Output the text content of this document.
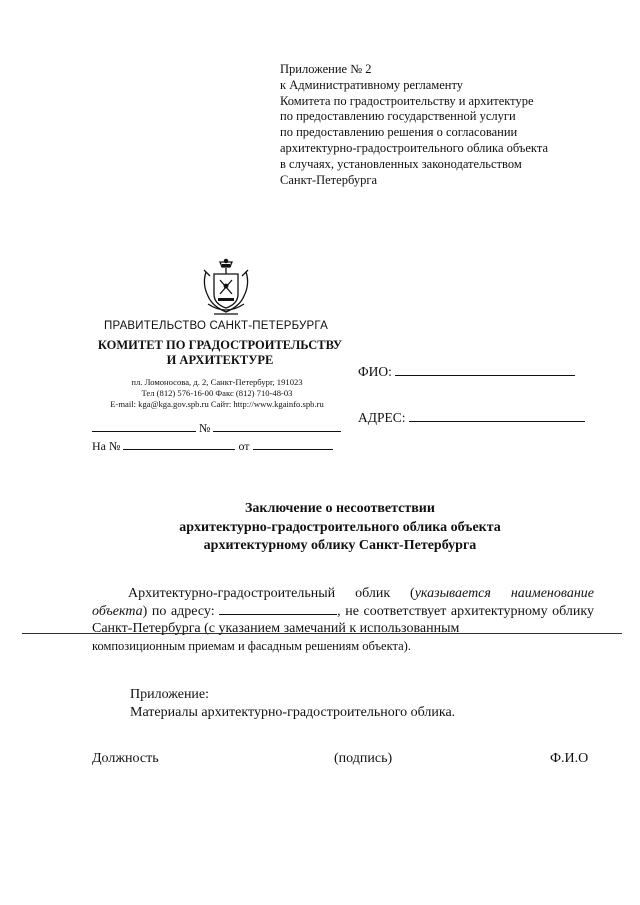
Приложение № 2
к Административному регламенту
Комитета по градостроительству и архитектуре
по предоставлению государственной услуги
по предоставлению решения о согласовании
архитектурно-градостроительного облика объекта
в случаях, установленных законодательством
Санкт-Петербурга
ПРАВИТЕЛЬСТВО САНКТ-ПЕТЕРБУРГА
КОМИТЕТ ПО ГРАДОСТРОИТЕЛЬСТВУ
И АРХИТЕКТУРЕ
пл. Ломоносова, д. 2, Санкт-Петербург, 191023
Тел (812) 576-16-00 Факс (812) 710-48-03
E-mail: kga@kga.gov.spb.ru Сайт: http://www.kgainfo.spb.ru
№
На №	от
ФИО:
АДРЕС:
Заключение о несоответствии
архитектурно-градостроительного облика объекта
архитектурному облику Санкт-Петербурга
Архитектурно-градостроительный облик (указывается наименование объекта) по адресу:	, не соответствует архитектурному облику Санкт-Петербурга (с указанием замечаний к использованным
композиционным приемам и фасадным решениям объекта).
Приложение:
Материалы архитектурно-градостроительного облика.
Должность	(подпись)	Ф.И.О
